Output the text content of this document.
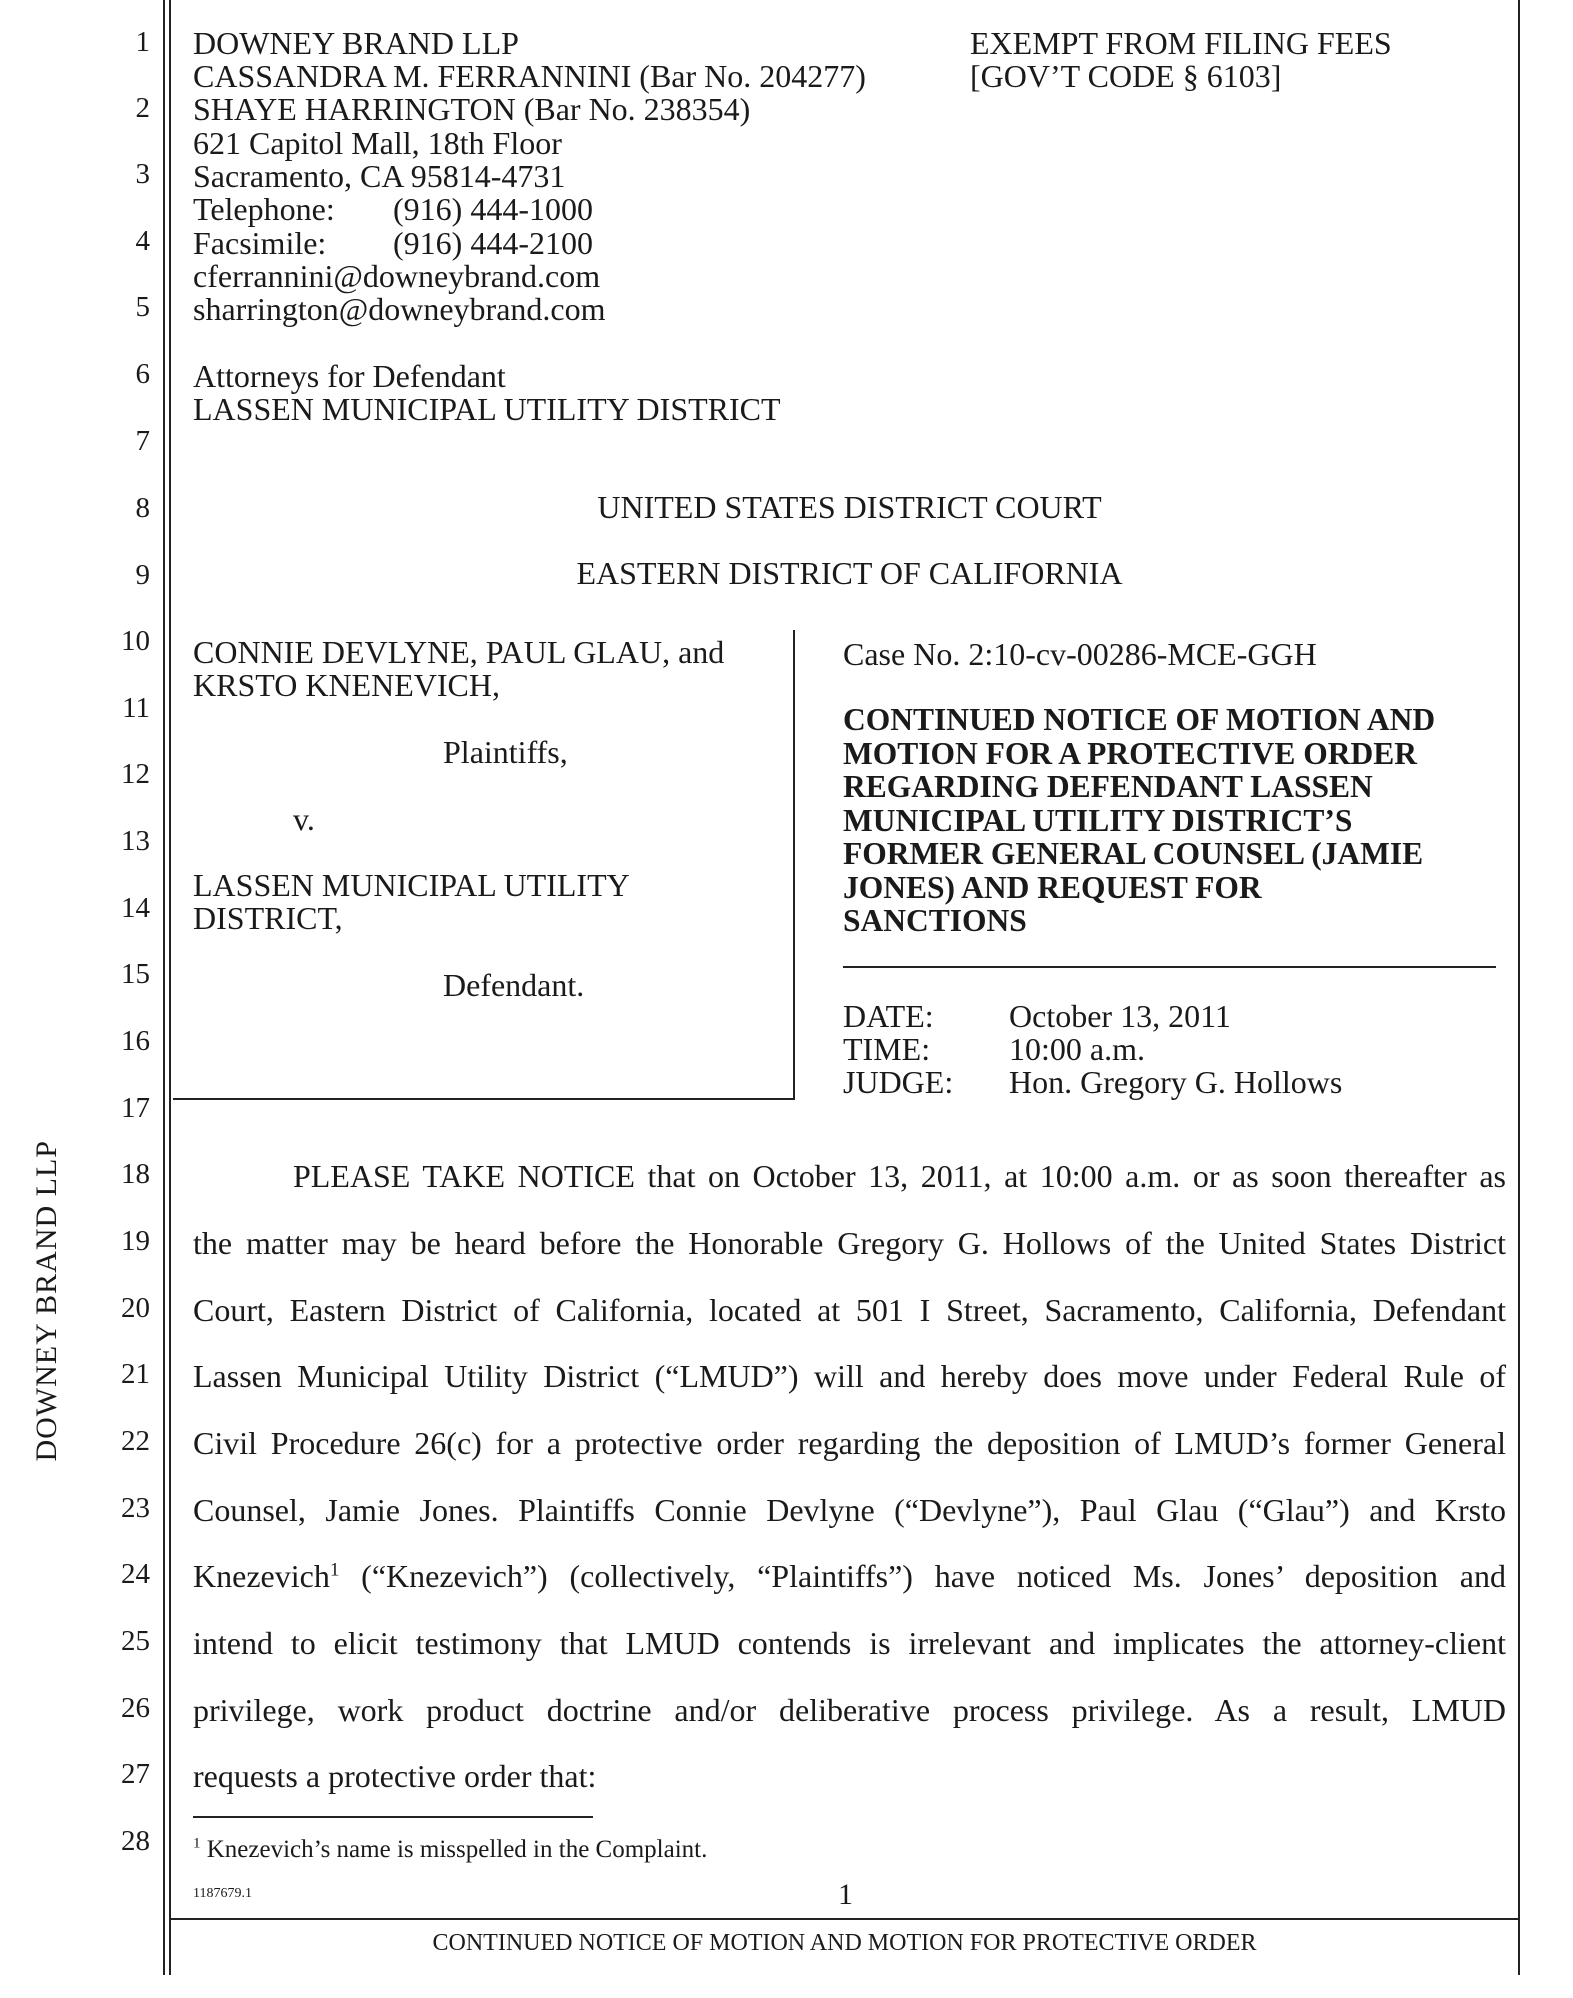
DOWNEY BRAND LLP
1
2
3
4
5
6
7
8
9
10
11
12
13
14
15
16
17
18
19
20
21
22
23
24
25
26
27
28
DOWNEY BRAND LLP
CASSANDRA M. FERRANNINI (Bar No. 204277)
SHAYE HARRINGTON (Bar No. 238354)
621 Capitol Mall, 18th Floor
Sacramento, CA 95814-4731
Telephone: (916) 444-1000
Facsimile: (916) 444-2100
cferrannini@downeybrand.com
sharrington@downeybrand.com
Attorneys for Defendant
LASSEN MUNICIPAL UTILITY DISTRICT
EXEMPT FROM FILING FEES
[GOV’T CODE § 6103]
UNITED STATES DISTRICT COURT
EASTERN DISTRICT OF CALIFORNIA
CONNIE DEVLYNE, PAUL GLAU, and
KRSTO KNENEVICH,
Plaintiffs,
v.
LASSEN MUNICIPAL UTILITY
DISTRICT,
Defendant.
Case No. 2:10-cv-00286-MCE-GGH
CONTINUED NOTICE OF MOTION AND
MOTION FOR A PROTECTIVE ORDER
REGARDING DEFENDANT LASSEN
MUNICIPAL UTILITY DISTRICT’S
FORMER GENERAL COUNSEL (JAMIE
JONES) AND REQUEST FOR
SANCTIONS
DATE: October 13, 2011
TIME: 10:00 a.m.
JUDGE: Hon. Gregory G. Hollows
PLEASE TAKE NOTICE that on October 13, 2011, at 10:00 a.m. or as soon thereafter as
the matter may be heard before the Honorable Gregory G. Hollows of the United States District
Court, Eastern District of California, located at 501 I Street, Sacramento, California, Defendant
Lassen Municipal Utility District (“LMUD”) will and hereby does move under Federal Rule of
Civil Procedure 26(c) for a protective order regarding the deposition of LMUD’s former General
Counsel, Jamie Jones. Plaintiffs Connie Devlyne (“Devlyne”), Paul Glau (“Glau”) and Krsto
Knezevich$^1$ (“Knezevich”) (collectively, “Plaintiffs”) have noticed Ms. Jones’ deposition and
intend to elicit testimony that LMUD contends is irrelevant and implicates the attorney-client
privilege, work product doctrine and/or deliberative process privilege. As a result, LMUD
requests a protective order that:
$^1$ Knezevich’s name is misspelled in the Complaint.
1187679.1	1
CONTINUED NOTICE OF MOTION AND MOTION FOR PROTECTIVE ORDER
